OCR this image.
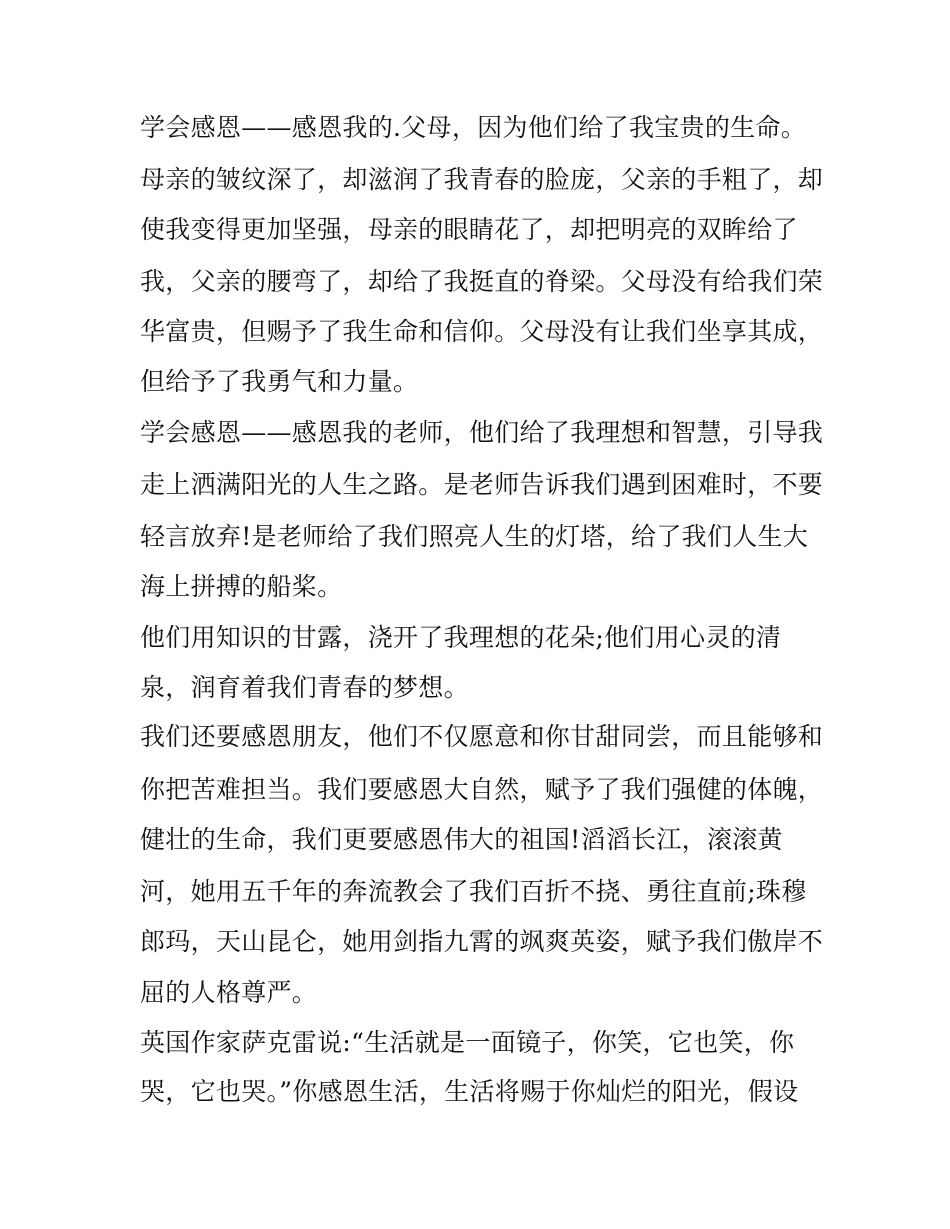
学会感恩——感恩我的.父母，因为他们给了我宝贵的生命。
母亲的皱纹深了，却滋润了我青春的脸庞，父亲的手粗了，却
使我变得更加坚强，母亲的眼睛花了，却把明亮的双眸给了
我，父亲的腰弯了，却给了我挺直的脊梁。父母没有给我们荣
华富贵，但赐予了我生命和信仰。父母没有让我们坐享其成，
但给予了我勇气和力量。
学会感恩——感恩我的老师，他们给了我理想和智慧，引导我
走上洒满阳光的人生之路。是老师告诉我们遇到困难时，不要
轻言放弃!是老师给了我们照亮人生的灯塔，给了我们人生大
海上拼搏的船桨。
他们用知识的甘露，浇开了我理想的花朵;他们用心灵的清
泉，润育着我们青春的梦想。
我们还要感恩朋友，他们不仅愿意和你甘甜同尝，而且能够和
你把苦难担当。我们要感恩大自然，赋予了我们强健的体魄，
健壮的生命，我们更要感恩伟大的祖国!滔滔长江，滚滚黄
河，她用五千年的奔流教会了我们百折不挠、勇往直前;珠穆
郎玛，天山昆仑，她用剑指九霄的飒爽英姿，赋予我们傲岸不
屈的人格尊严。
英国作家萨克雷说:“生活就是一面镜子，你笑，它也笑，你
哭，它也哭。”你感恩生活，生活将赐于你灿烂的阳光，假设
